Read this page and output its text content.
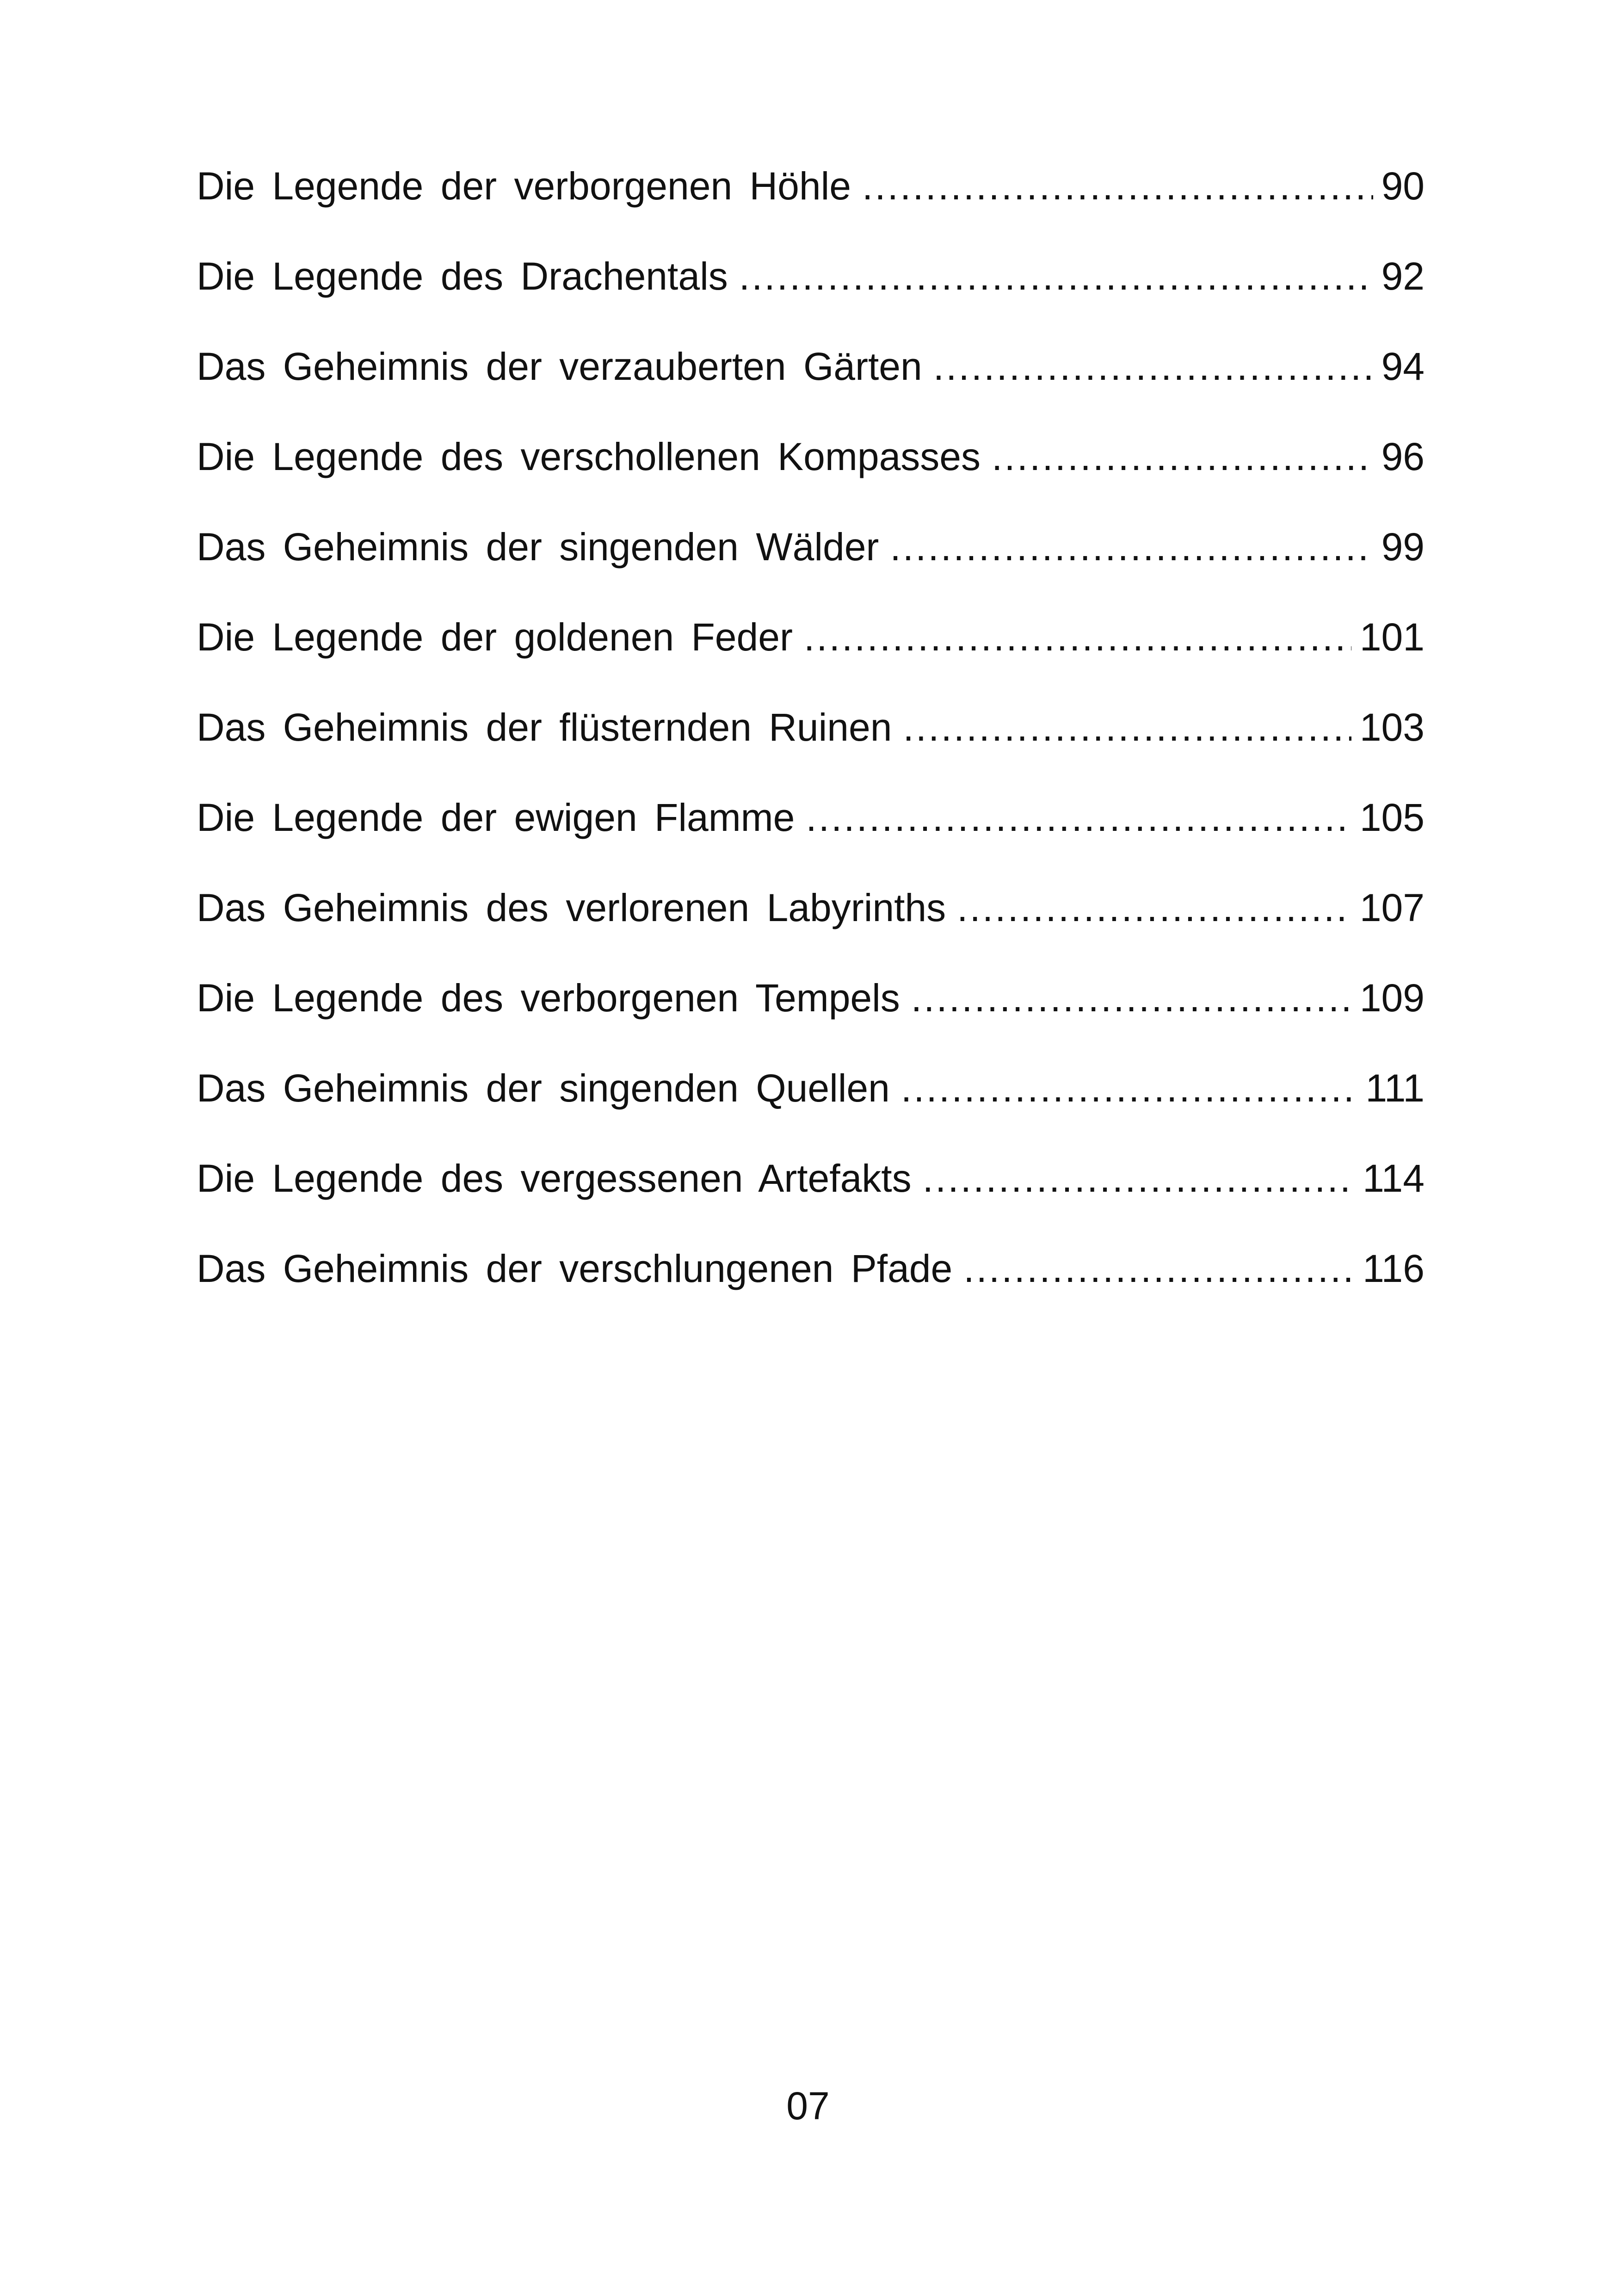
Die Legende der verborgenen Höhle .....	90
Die Legende des Drachentals .....	92
Das Geheimnis der verzauberten Gärten .....	94
Die Legende des verschollenen Kompasses .....	96
Das Geheimnis der singenden Wälder .....	99
Die Legende der goldenen Feder .....	101
Das Geheimnis der flüsternden Ruinen .....	103
Die Legende der ewigen Flamme .....	105
Das Geheimnis des verlorenen Labyrinths .....	107
Die Legende des verborgenen Tempels .....	109
Das Geheimnis der singenden Quellen .....	111
Die Legende des vergessenen Artefakts .....	114
Das Geheimnis der verschlungenen Pfade .....	116
07
